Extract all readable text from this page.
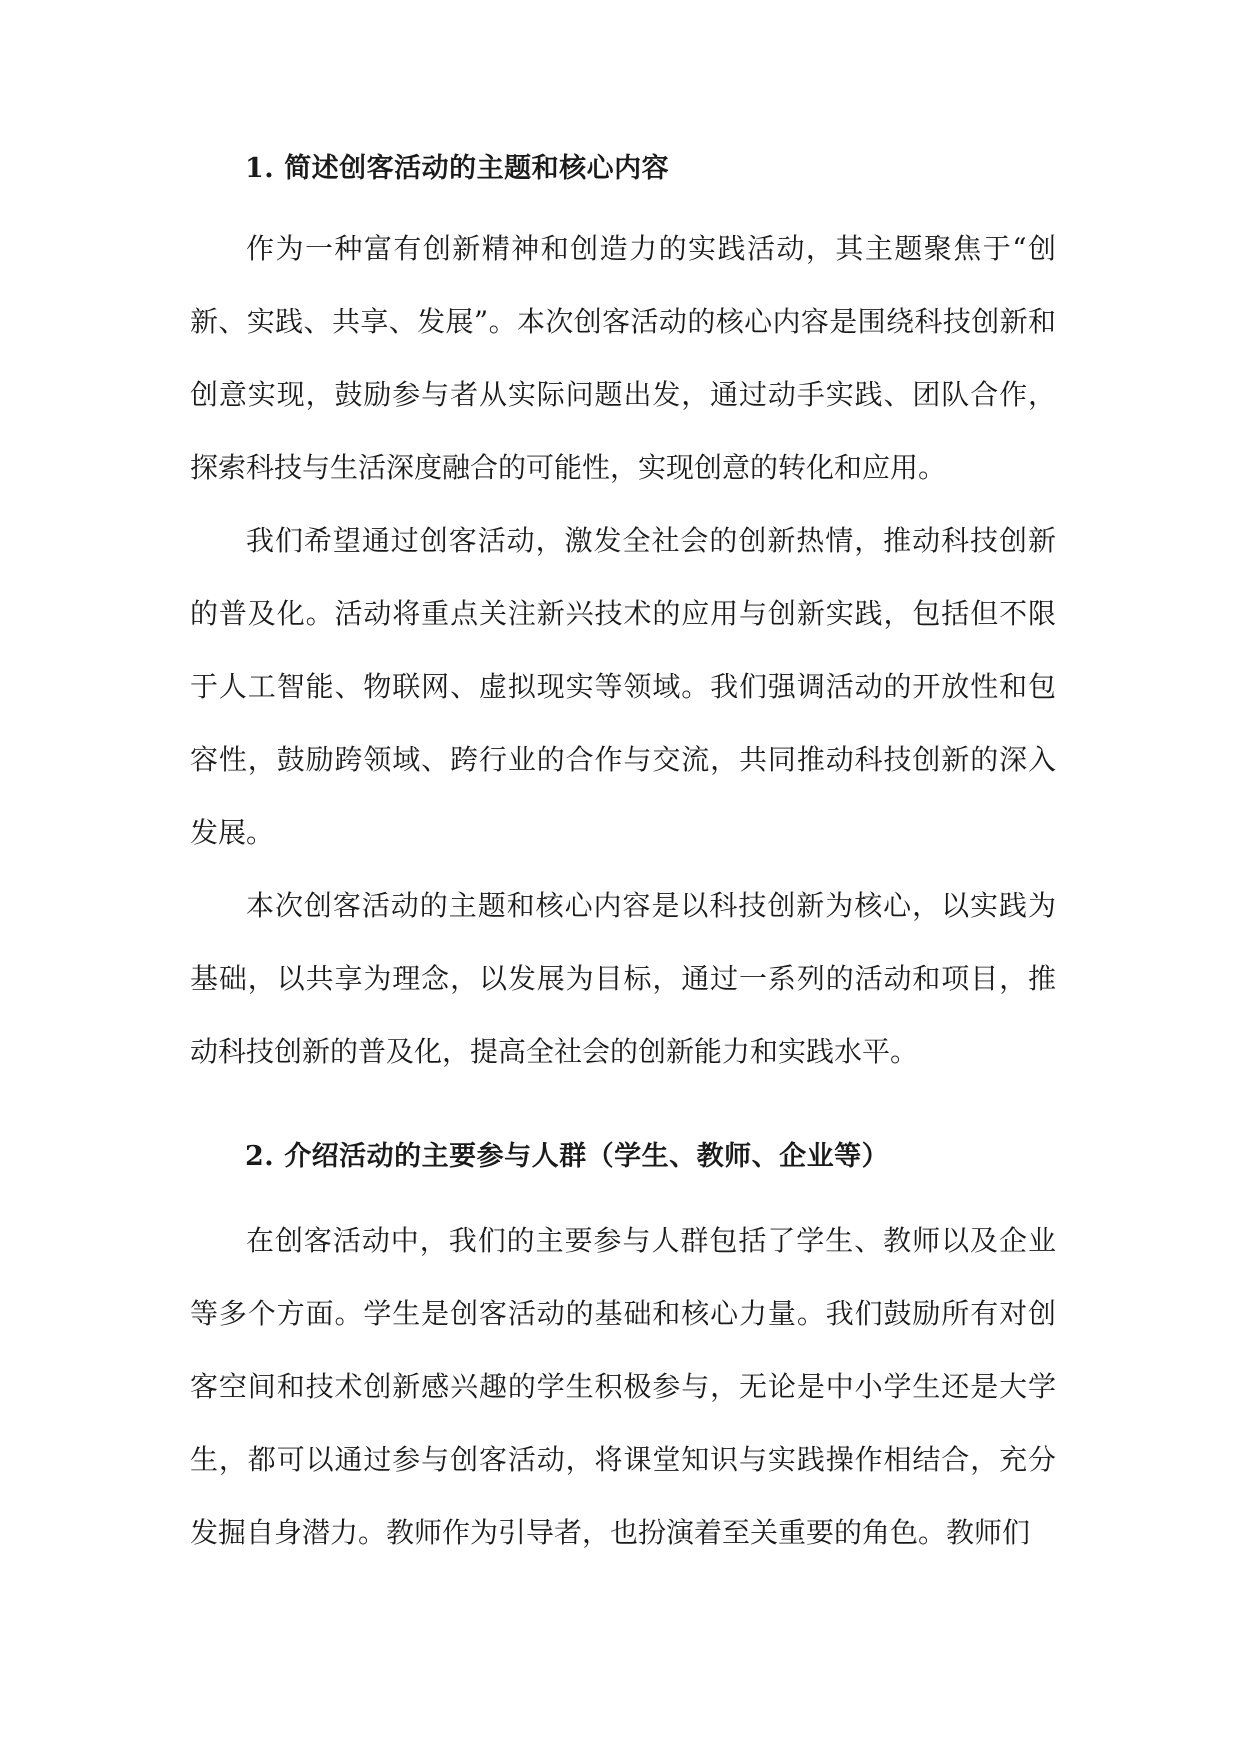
1. 简述创客活动的主题和核心内容

作为一种富有创新精神和创造力的实践活动，其主题聚焦于“创新、实践、共享、发展”。本次创客活动的核心内容是围绕科技创新和创意实现，鼓励参与者从实际问题出发，通过动手实践、团队合作，探索科技与生活深度融合的可能性，实现创意的转化和应用。

我们希望通过创客活动，激发全社会的创新热情，推动科技创新的普及化。活动将重点关注新兴技术的应用与创新实践，包括但不限于人工智能、物联网、虚拟现实等领域。我们强调活动的开放性和包容性，鼓励跨领域、跨行业的合作与交流，共同推动科技创新的深入发展。

本次创客活动的主题和核心内容是以科技创新为核心，以实践为基础，以共享为理念，以发展为目标，通过一系列的活动和项目，推动科技创新的普及化，提高全社会的创新能力和实践水平。

2. 介绍活动的主要参与人群（学生、教师、企业等）

在创客活动中，我们的主要参与人群包括了学生、教师以及企业等多个方面。学生是创客活动的基础和核心力量。我们鼓励所有对创客空间和技术创新感兴趣的学生积极参与，无论是中小学生还是大学生，都可以通过参与创客活动，将课堂知识与实践操作相结合，充分发掘自身潜力。教师作为引导者，也扮演着至关重要的角色。教师们
